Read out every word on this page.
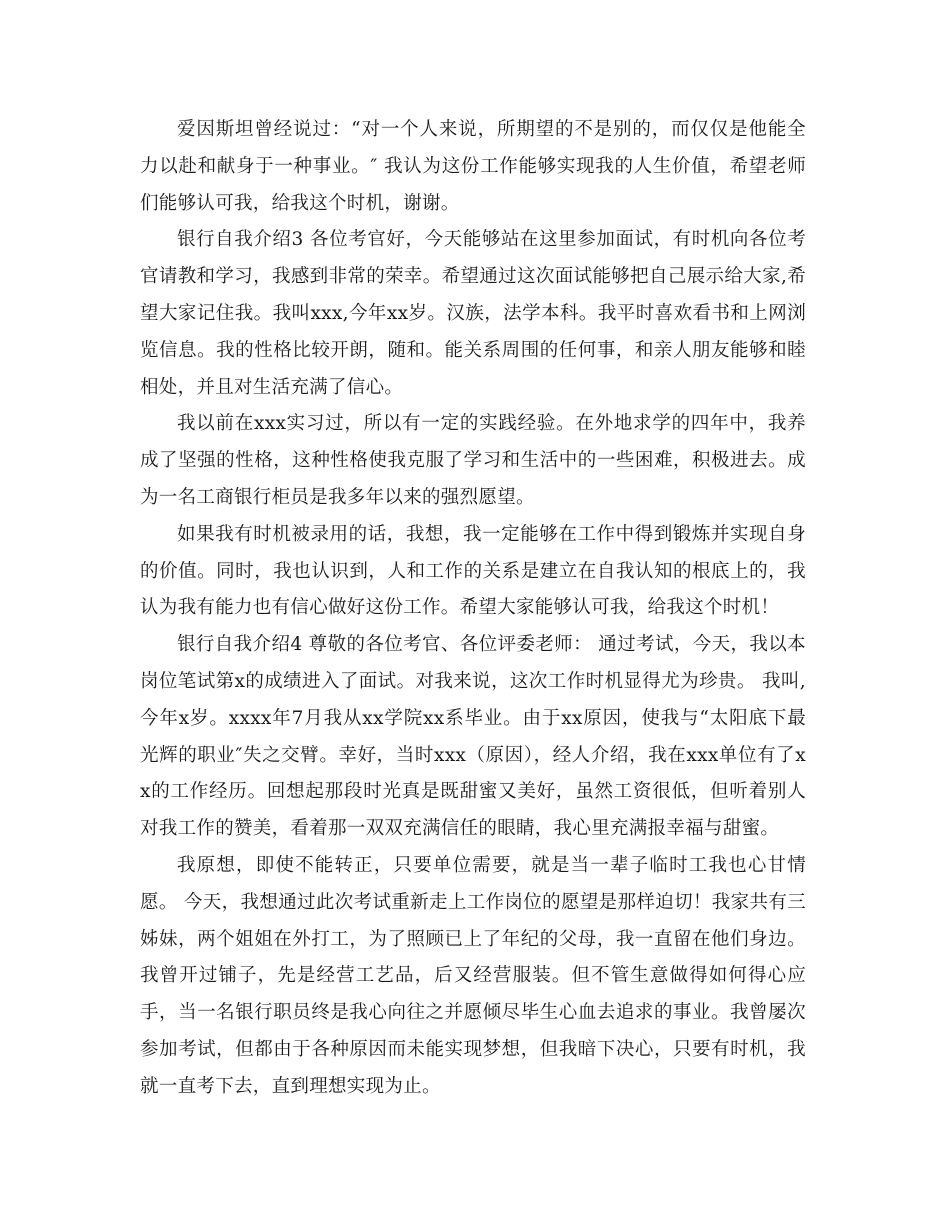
爱因斯坦曾经说过：“对一个人来说，所期望的不是别的，而仅仅是他能全力以赴和献身于一种事业。″ 我认为这份工作能够实现我的人生价值，希望老师们能够认可我，给我这个时机，谢谢。

银行自我介绍3 各位考官好，今天能够站在这里参加面试，有时机向各位考官请教和学习，我感到非常的荣幸。希望通过这次面试能够把自己展示给大家,希望大家记住我。我叫xxx,今年xx岁。汉族，法学本科。我平时喜欢看书和上网浏览信息。我的性格比较开朗，随和。能关系周围的任何事，和亲人朋友能够和睦相处，并且对生活充满了信心。

我以前在xxx实习过，所以有一定的实践经验。在外地求学的四年中，我养成了坚强的性格，这种性格使我克服了学习和生活中的一些困难，积极进去。成为一名工商银行柜员是我多年以来的强烈愿望。

如果我有时机被录用的话，我想，我一定能够在工作中得到锻炼并实现自身的价值。同时，我也认识到，人和工作的关系是建立在自我认知的根底上的，我认为我有能力也有信心做好这份工作。希望大家能够认可我，给我这个时机！

银行自我介绍4 尊敬的各位考官、各位评委老师： 通过考试，今天，我以本岗位笔试第x的成绩进入了面试。对我来说，这次工作时机显得尤为珍贵。 我叫,今年x岁。xxxx年7月我从xx学院xx系毕业。由于xx原因，使我与“太阳底下最光辉的职业″失之交臂。幸好，当时xxx（原因），经人介绍，我在xxx单位有了xx的工作经历。回想起那段时光真是既甜蜜又美好，虽然工资很低，但听着别人对我工作的赞美，看着那一双双充满信任的眼睛，我心里充满报幸福与甜蜜。

我原想，即使不能转正，只要单位需要，就是当一辈子临时工我也心甘情愿。 今天，我想通过此次考试重新走上工作岗位的愿望是那样迫切！我家共有三姊妹，两个姐姐在外打工，为了照顾已上了年纪的父母，我一直留在他们身边。我曾开过铺子，先是经营工艺品，后又经营服装。但不管生意做得如何得心应手，当一名银行职员终是我心向往之并愿倾尽毕生心血去追求的事业。我曾屡次参加考试，但都由于各种原因而未能实现梦想，但我暗下决心，只要有时机，我就一直考下去，直到理想实现为止。
